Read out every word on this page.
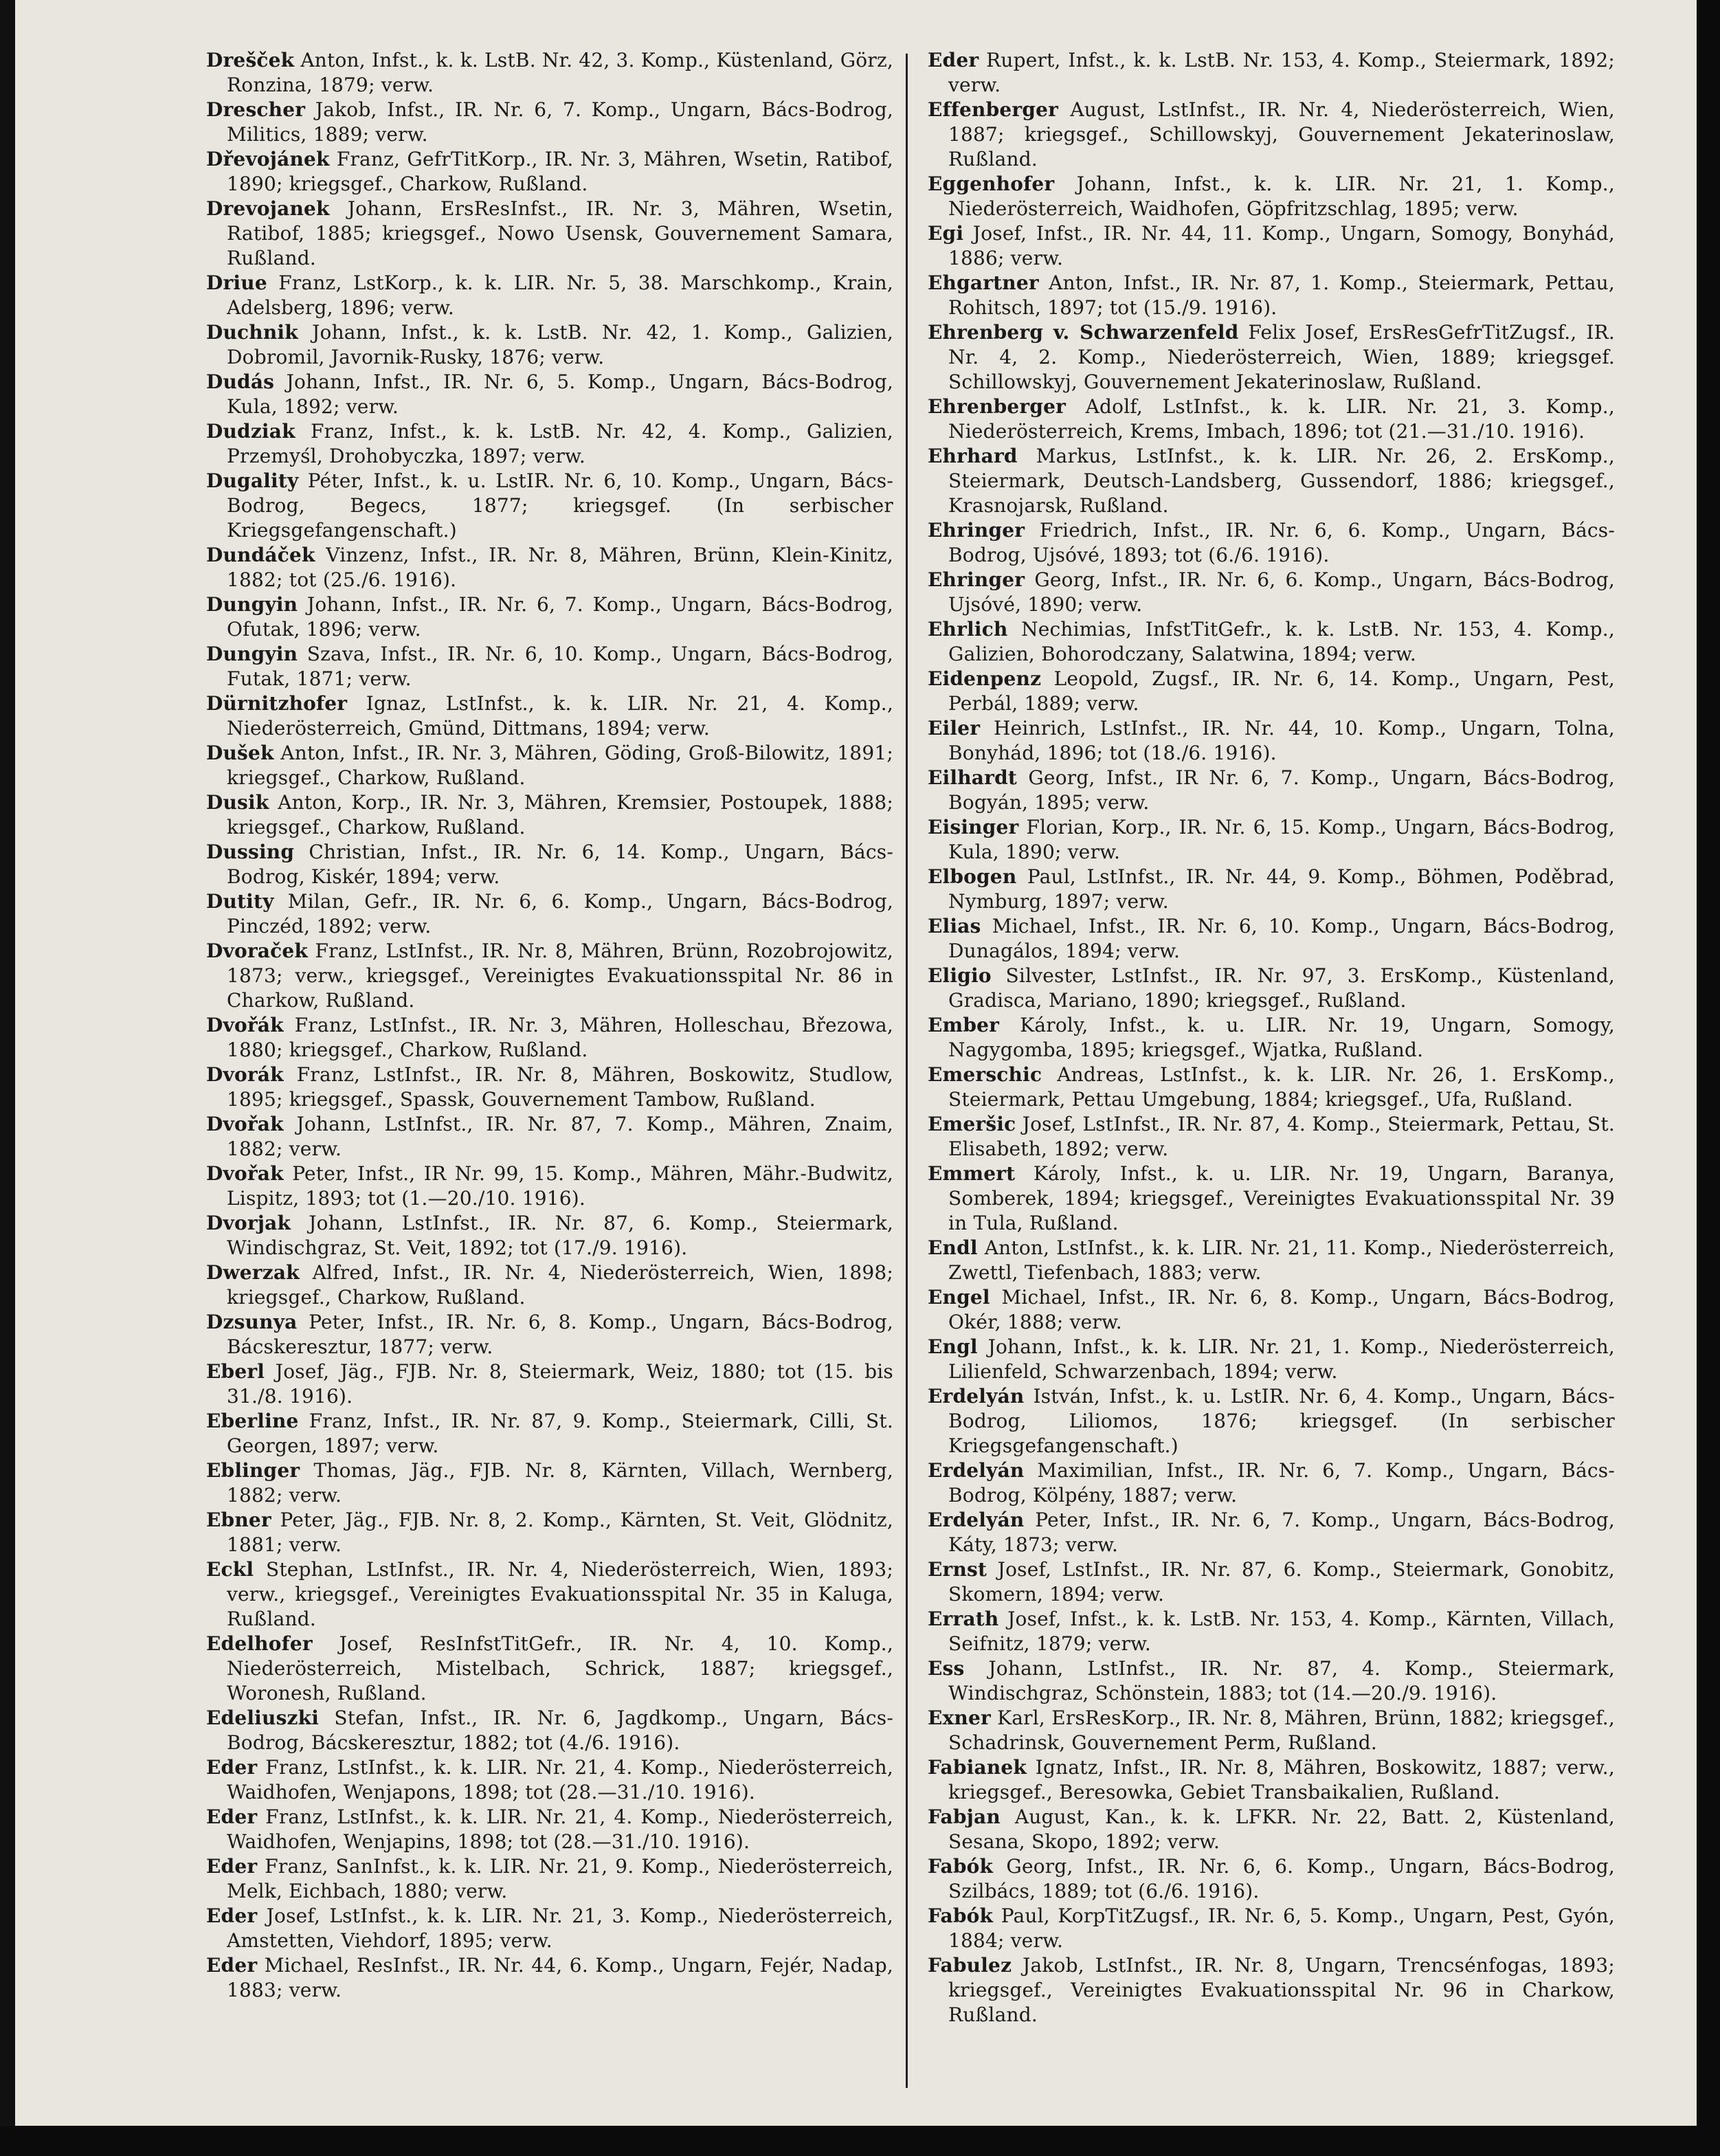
Drešček Anton, Infst., k. k. LstB. Nr. 42, 3. Komp., Küstenland, Görz, Ronzina, 1879; verw.

Drescher Jakob, Infst., IR. Nr. 6, 7. Komp., Ungarn, Bács-Bodrog, Militics, 1889; verw.

Dřevojánek Franz, GefrTitKorp., IR. Nr. 3, Mähren, Wsetin, Ratibof, 1890; kriegsgef., Charkow, Rußland.

Drevojanek Johann, ErsResInfst., IR. Nr. 3, Mähren, Wsetin, Ratibof, 1885; kriegsgef., Nowo Usensk, Gouvernement Samara, Rußland.

Driue Franz, LstKorp., k. k. LIR. Nr. 5, 38. Marschkomp., Krain, Adelsberg, 1896; verw.

Duchnik Johann, Infst., k. k. LstB. Nr. 42, 1. Komp., Galizien, Dobromil, Javornik-Rusky, 1876; verw.

Dudás Johann, Infst., IR. Nr. 6, 5. Komp., Ungarn, Bács-Bodrog, Kula, 1892; verw.

Dudziak Franz, Infst., k. k. LstB. Nr. 42, 4. Komp., Galizien, Przemyśl, Drohobyczka, 1897; verw.

Dugality Péter, Infst., k. u. LstIR. Nr. 6, 10. Komp., Ungarn, Bács-Bodrog, Begecs, 1877; kriegsgef. (In serbischer Kriegsgefangenschaft.)

Dundáček Vinzenz, Infst., IR. Nr. 8, Mähren, Brünn, Klein-Kinitz, 1882; tot (25./6. 1916).

Dungyin Johann, Infst., IR. Nr. 6, 7. Komp., Ungarn, Bács-Bodrog, Ofutak, 1896; verw.

Dungyin Szava, Infst., IR. Nr. 6, 10. Komp., Ungarn, Bács-Bodrog, Futak, 1871; verw.

Dürnitzhofer Ignaz, LstInfst., k. k. LIR. Nr. 21, 4. Komp., Niederösterreich, Gmünd, Dittmans, 1894; verw.

Dušek Anton, Infst., IR. Nr. 3, Mähren, Göding, Groß-Bilowitz, 1891; kriegsgef., Charkow, Rußland.

Dusik Anton, Korp., IR. Nr. 3, Mähren, Kremsier, Postoupek, 1888; kriegsgef., Charkow, Rußland.

Dussing Christian, Infst., IR. Nr. 6, 14. Komp., Ungarn, Bács-Bodrog, Kiskér, 1894; verw.

Dutity Milan, Gefr., IR. Nr. 6, 6. Komp., Ungarn, Bács-Bodrog, Pinczéd, 1892; verw.

Dvoraček Franz, LstInfst., IR. Nr. 8, Mähren, Brünn, Rozobrojowitz, 1873; verw., kriegsgef., Vereinigtes Evakuationsspital Nr. 86 in Charkow, Rußland.

Dvořák Franz, LstInfst., IR. Nr. 3, Mähren, Holleschau, Březowa, 1880; kriegsgef., Charkow, Rußland.

Dvorák Franz, LstInfst., IR. Nr. 8, Mähren, Boskowitz, Studlow, 1895; kriegsgef., Spassk, Gouvernement Tambow, Rußland.

Dvořak Johann, LstInfst., IR. Nr. 87, 7. Komp., Mähren, Znaim, 1882; verw.

Dvořak Peter, Infst., IR Nr. 99, 15. Komp., Mähren, Mähr.-Budwitz, Lispitz, 1893; tot (1.—20./10. 1916).

Dvorjak Johann, LstInfst., IR. Nr. 87, 6. Komp., Steiermark, Windischgraz, St. Veit, 1892; tot (17./9. 1916).

Dwerzak Alfred, Infst., IR. Nr. 4, Niederösterreich, Wien, 1898; kriegsgef., Charkow, Rußland.

Dzsunya Peter, Infst., IR. Nr. 6, 8. Komp., Ungarn, Bács-Bodrog, Bácskeresztur, 1877; verw.

Eberl Josef, Jäg., FJB. Nr. 8, Steiermark, Weiz, 1880; tot (15. bis 31./8. 1916).

Eberline Franz, Infst., IR. Nr. 87, 9. Komp., Steiermark, Cilli, St. Georgen, 1897; verw.

Eblinger Thomas, Jäg., FJB. Nr. 8, Kärnten, Villach, Wernberg, 1882; verw.

Ebner Peter, Jäg., FJB. Nr. 8, 2. Komp., Kärnten, St. Veit, Glödnitz, 1881; verw.

Eckl Stephan, LstInfst., IR. Nr. 4, Niederösterreich, Wien, 1893; verw., kriegsgef., Vereinigtes Evakuationsspital Nr. 35 in Kaluga, Rußland.

Edelhofer Josef, ResInfstTitGefr., IR. Nr. 4, 10. Komp., Niederösterreich, Mistelbach, Schrick, 1887; kriegsgef., Woronesh, Rußland.

Edeliuszki Stefan, Infst., IR. Nr. 6, Jagdkomp., Ungarn, Bács-Bodrog, Bácskeresztur, 1882; tot (4./6. 1916).

Eder Franz, LstInfst., k. k. LIR. Nr. 21, 4. Komp., Niederösterreich, Waidhofen, Wenjapons, 1898; tot (28.—31./10. 1916).

Eder Franz, LstInfst., k. k. LIR. Nr. 21, 4. Komp., Niederösterreich, Waidhofen, Wenjapins, 1898; tot (28.—31./10. 1916).

Eder Franz, SanInfst., k. k. LIR. Nr. 21, 9. Komp., Niederösterreich, Melk, Eichbach, 1880; verw.

Eder Josef, LstInfst., k. k. LIR. Nr. 21, 3. Komp., Niederösterreich, Amstetten, Viehdorf, 1895; verw.

Eder Michael, ResInfst., IR. Nr. 44, 6. Komp., Ungarn, Fejér, Nadap, 1883; verw.

Eder Rupert, Infst., k. k. LstB. Nr. 153, 4. Komp., Steiermark, 1892; verw.

Effenberger August, LstInfst., IR. Nr. 4, Niederösterreich, Wien, 1887; kriegsgef., Schillowskyj, Gouvernement Jekaterinoslaw, Rußland.

Eggenhofer Johann, Infst., k. k. LIR. Nr. 21, 1. Komp., Niederösterreich, Waidhofen, Göpfritzschlag, 1895; verw.

Egi Josef, Infst., IR. Nr. 44, 11. Komp., Ungarn, Somogy, Bonyhád, 1886; verw.

Ehgartner Anton, Infst., IR. Nr. 87, 1. Komp., Steiermark, Pettau, Rohitsch, 1897; tot (15./9. 1916).

Ehrenberg v. Schwarzenfeld Felix Josef, ErsResGefrTitZugsf., IR. Nr. 4, 2. Komp., Niederösterreich, Wien, 1889; kriegsgef. Schillowskyj, Gouvernement Jekaterinoslaw, Rußland.

Ehrenberger Adolf, LstInfst., k. k. LIR. Nr. 21, 3. Komp., Niederösterreich, Krems, Imbach, 1896; tot (21.—31./10. 1916).

Ehrhard Markus, LstInfst., k. k. LIR. Nr. 26, 2. ErsKomp., Steiermark, Deutsch-Landsberg, Gussendorf, 1886; kriegsgef., Krasnojarsk, Rußland.

Ehringer Friedrich, Infst., IR. Nr. 6, 6. Komp., Ungarn, Bács-Bodrog, Ujsóvé, 1893; tot (6./6. 1916).

Ehringer Georg, Infst., IR. Nr. 6, 6. Komp., Ungarn, Bács-Bodrog, Ujsóvé, 1890; verw.

Ehrlich Nechimias, InfstTitGefr., k. k. LstB. Nr. 153, 4. Komp., Galizien, Bohorodczany, Salatwina, 1894; verw.

Eidenpenz Leopold, Zugsf., IR. Nr. 6, 14. Komp., Ungarn, Pest, Perbál, 1889; verw.

Eiler Heinrich, LstInfst., IR. Nr. 44, 10. Komp., Ungarn, Tolna, Bonyhád, 1896; tot (18./6. 1916).

Eilhardt Georg, Infst., IR Nr. 6, 7. Komp., Ungarn, Bács-Bodrog, Bogyán, 1895; verw.

Eisinger Florian, Korp., IR. Nr. 6, 15. Komp., Ungarn, Bács-Bodrog, Kula, 1890; verw.

Elbogen Paul, LstInfst., IR. Nr. 44, 9. Komp., Böhmen, Poděbrad, Nymburg, 1897; verw.

Elias Michael, Infst., IR. Nr. 6, 10. Komp., Ungarn, Bács-Bodrog, Dunagálos, 1894; verw.

Eligio Silvester, LstInfst., IR. Nr. 97, 3. ErsKomp., Küstenland, Gradisca, Mariano, 1890; kriegsgef., Rußland.

Ember Károly, Infst., k. u. LIR. Nr. 19, Ungarn, Somogy, Nagygomba, 1895; kriegsgef., Wjatka, Rußland.

Emerschic Andreas, LstInfst., k. k. LIR. Nr. 26, 1. ErsKomp., Steiermark, Pettau Umgebung, 1884; kriegsgef., Ufa, Rußland.

Emeršic Josef, LstInfst., IR. Nr. 87, 4. Komp., Steiermark, Pettau, St. Elisabeth, 1892; verw.

Emmert Károly, Infst., k. u. LIR. Nr. 19, Ungarn, Baranya, Somberek, 1894; kriegsgef., Vereinigtes Evakuationsspital Nr. 39 in Tula, Rußland.

Endl Anton, LstInfst., k. k. LIR. Nr. 21, 11. Komp., Niederösterreich, Zwettl, Tiefenbach, 1883; verw.

Engel Michael, Infst., IR. Nr. 6, 8. Komp., Ungarn, Bács-Bodrog, Okér, 1888; verw.

Engl Johann, Infst., k. k. LIR. Nr. 21, 1. Komp., Niederösterreich, Lilienfeld, Schwarzenbach, 1894; verw.

Erdelyán István, Infst., k. u. LstIR. Nr. 6, 4. Komp., Ungarn, Bács-Bodrog, Liliomos, 1876; kriegsgef. (In serbischer Kriegsgefangenschaft.)

Erdelyán Maximilian, Infst., IR. Nr. 6, 7. Komp., Ungarn, Bács-Bodrog, Kölpény, 1887; verw.

Erdelyán Peter, Infst., IR. Nr. 6, 7. Komp., Ungarn, Bács-Bodrog, Káty, 1873; verw.

Ernst Josef, LstInfst., IR. Nr. 87, 6. Komp., Steiermark, Gonobitz, Skomern, 1894; verw.

Errath Josef, Infst., k. k. LstB. Nr. 153, 4. Komp., Kärnten, Villach, Seifnitz, 1879; verw.

Ess Johann, LstInfst., IR. Nr. 87, 4. Komp., Steiermark, Windischgraz, Schönstein, 1883; tot (14.—20./9. 1916).

Exner Karl, ErsResKorp., IR. Nr. 8, Mähren, Brünn, 1882; kriegsgef., Schadrinsk, Gouvernement Perm, Rußland.

Fabianek Ignatz, Infst., IR. Nr. 8, Mähren, Boskowitz, 1887; verw., kriegsgef., Beresowka, Gebiet Transbaikalien, Rußland.

Fabjan August, Kan., k. k. LFKR. Nr. 22, Batt. 2, Küstenland, Sesana, Skopo, 1892; verw.

Fabók Georg, Infst., IR. Nr. 6, 6. Komp., Ungarn, Bács-Bodrog, Szilbács, 1889; tot (6./6. 1916).

Fabók Paul, KorpTitZugsf., IR. Nr. 6, 5. Komp., Ungarn, Pest, Gyón, 1884; verw.

Fabulez Jakob, LstInfst., IR. Nr. 8, Ungarn, Trencsénfogas, 1893; kriegsgef., Vereinigtes Evakuationsspital Nr. 96 in Charkow, Rußland.
